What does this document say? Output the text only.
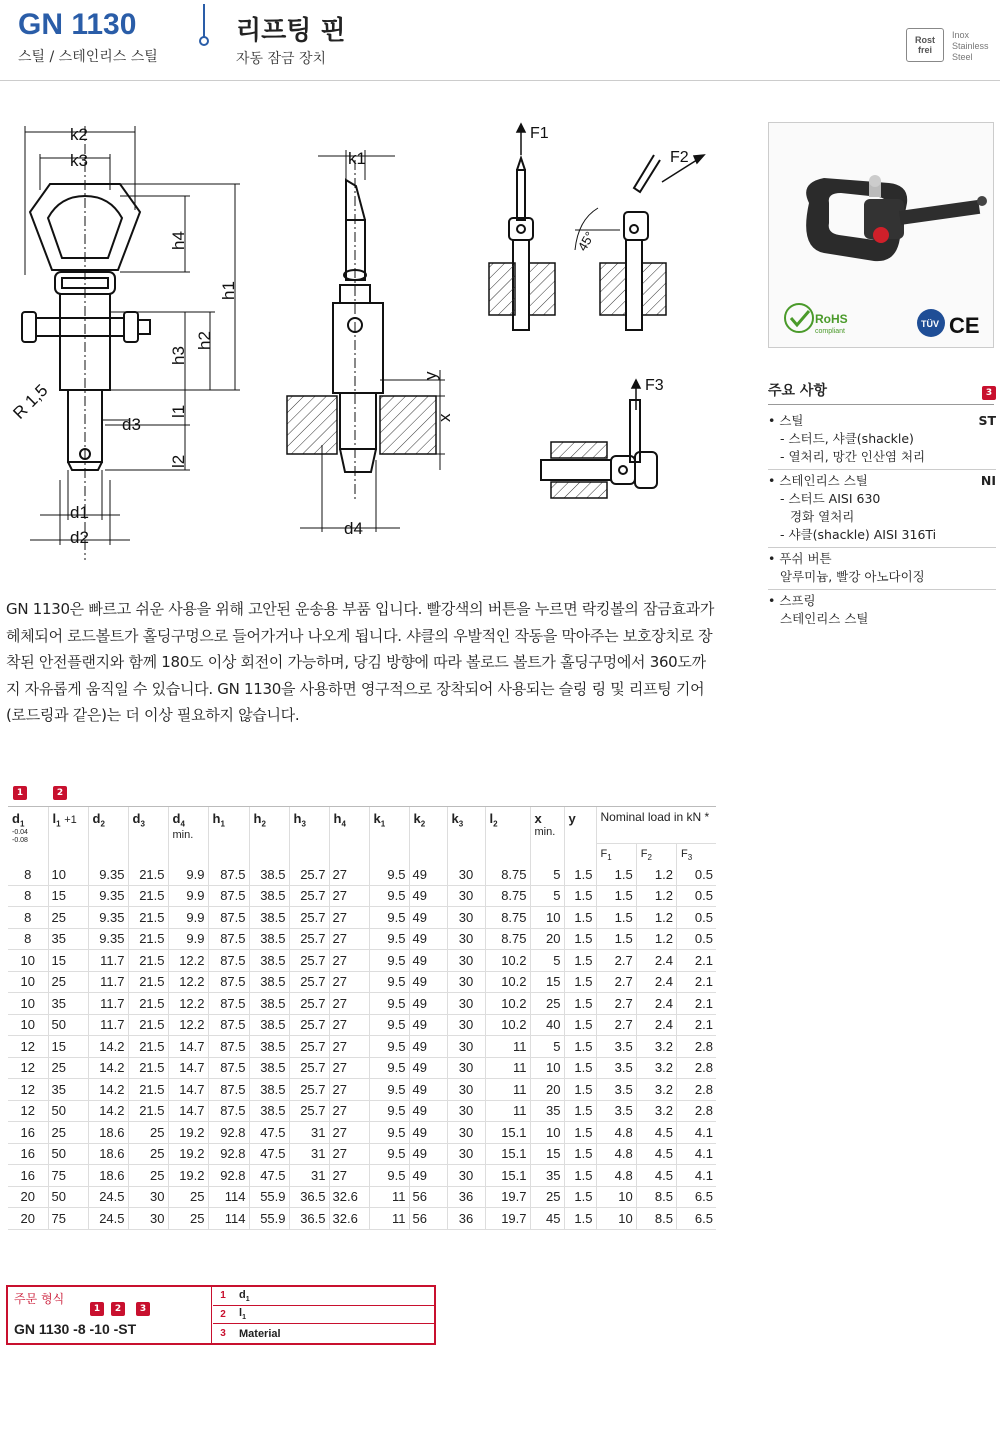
GN 1130
스틸 / 스테인리스 스틸
리프팅 핀
자동 잠금 장치
Rost
frei
Inox
Stainless
Steel
k2
k3
h4
h1
h2
h3
l1
l2
R 1,5
d3
d1
d2
k1
y
x
d4
F1
F2
F3
45°
RoHS
compliant
TÜV CE
주요 사항	3
• 스틸	ST
- 스터드, 샤클(shackle)
- 열처리, 망간 인산염 처리
• 스테인리스 스틸	NI
- 스터드 AISI 630
경화 열처리
- 샤클(shackle) AISI 316Ti
• 푸쉬 버튼
알루미늄, 빨강 아노다이징
• 스프링
스테인리스 스틸
GN 1130은 빠르고 쉬운 사용을 위해 고안된 운송용 부품 입니다. 빨강색의 버튼을 누르면 락킹볼의 잠금효과가 헤체되어 로드볼트가 홀딩구멍으로 들어가거나 나오게 됩니다. 샤클의 우발적인 작동을 막아주는 보호장치로 장착된 안전플랜지와 함께 180도 이상 회전이 가능하며, 당김 방향에 따라 볼로드 볼트가 홀딩구멍에서 360도까지 자유롭게 움직일 수 있습니다. GN 1130을 사용하면 영구적으로 장착되어 사용되는 슬링 링 및 리프팅 기어(로드링과 같은)는 더 이상 필요하지 않습니다.
1	2
$d_1$
-0.04
-0.08	$l_1 +1$	$d_2$	$d_3$	$d_4$
min.	$h_1$	$h_2$	$h_3$	$h_4$	$k_1$	$k_2$	$k_3$	$l_2$	x
min.	y	Nominal load in kN *		
															$F_1$	$F_2$	$F_3$
8	10	9.35	21.5	9.9	87.5	38.5	25.7	27	9.5	49	30	8.75	5	1.5	1.5	1.2	0.5
8	15	9.35	21.5	9.9	87.5	38.5	25.7	27	9.5	49	30	8.75	5	1.5	1.5	1.2	0.5
8	25	9.35	21.5	9.9	87.5	38.5	25.7	27	9.5	49	30	8.75	10	1.5	1.5	1.2	0.5
8	35	9.35	21.5	9.9	87.5	38.5	25.7	27	9.5	49	30	8.75	20	1.5	1.5	1.2	0.5
10	15	11.7	21.5	12.2	87.5	38.5	25.7	27	9.5	49	30	10.2	5	1.5	2.7	2.4	2.1
10	25	11.7	21.5	12.2	87.5	38.5	25.7	27	9.5	49	30	10.2	15	1.5	2.7	2.4	2.1
10	35	11.7	21.5	12.2	87.5	38.5	25.7	27	9.5	49	30	10.2	25	1.5	2.7	2.4	2.1
10	50	11.7	21.5	12.2	87.5	38.5	25.7	27	9.5	49	30	10.2	40	1.5	2.7	2.4	2.1
12	15	14.2	21.5	14.7	87.5	38.5	25.7	27	9.5	49	30	11	5	1.5	3.5	3.2	2.8
12	25	14.2	21.5	14.7	87.5	38.5	25.7	27	9.5	49	30	11	10	1.5	3.5	3.2	2.8
12	35	14.2	21.5	14.7	87.5	38.5	25.7	27	9.5	49	30	11	20	1.5	3.5	3.2	2.8
12	50	14.2	21.5	14.7	87.5	38.5	25.7	27	9.5	49	30	11	35	1.5	3.5	3.2	2.8
16	25	18.6	25	19.2	92.8	47.5	31	27	9.5	49	30	15.1	10	1.5	4.8	4.5	4.1
16	50	18.6	25	19.2	92.8	47.5	31	27	9.5	49	30	15.1	15	1.5	4.8	4.5	4.1
16	75	18.6	25	19.2	92.8	47.5	31	27	9.5	49	30	15.1	35	1.5	4.8	4.5	4.1
20	50	24.5	30	25	114	55.9	36.5	32.6	11	56	36	19.7	25	1.5	10	8.5	6.5
20	75	24.5	30	25	114	55.9	36.5	32.6	11	56	36	19.7	45	1.5	10	8.5	6.5
주문 형식
1	2	3
GN 1130 -8 -10 -ST
1	$d_1$
2	$l_1$
3	Material
